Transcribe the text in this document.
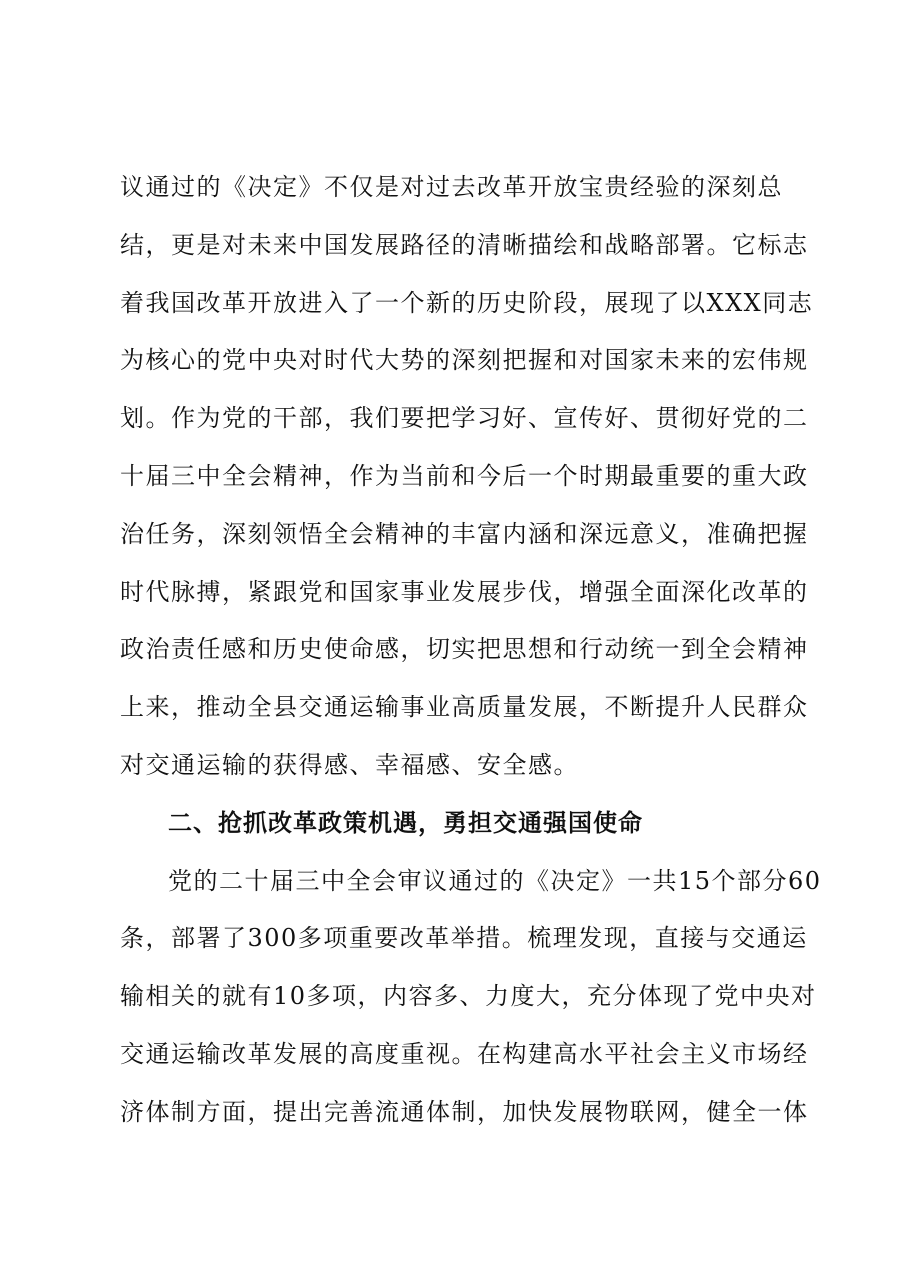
议通过的《决定》不仅是对过去改革开放宝贵经验的深刻总
结，更是对未来中国发展路径的清晰描绘和战略部署。它标志
着我国改革开放进入了一个新的历史阶段，展现了以XXX同志
为核心的党中央对时代大势的深刻把握和对国家未来的宏伟规
划。作为党的干部，我们要把学习好、宣传好、贯彻好党的二
十届三中全会精神，作为当前和今后一个时期最重要的重大政
治任务，深刻领悟全会精神的丰富内涵和深远意义，准确把握
时代脉搏，紧跟党和国家事业发展步伐，增强全面深化改革的
政治责任感和历史使命感，切实把思想和行动统一到全会精神
上来，推动全县交通运输事业高质量发展，不断提升人民群众
对交通运输的获得感、幸福感、安全感。
二、抢抓改革政策机遇，勇担交通强国使命
党的二十届三中全会审议通过的《决定》一共15个部分60
条，部署了300多项重要改革举措。梳理发现，直接与交通运
输相关的就有10多项，内容多、力度大，充分体现了党中央对
交通运输改革发展的高度重视。在构建高水平社会主义市场经
济体制方面，提出完善流通体制，加快发展物联网，健全一体
